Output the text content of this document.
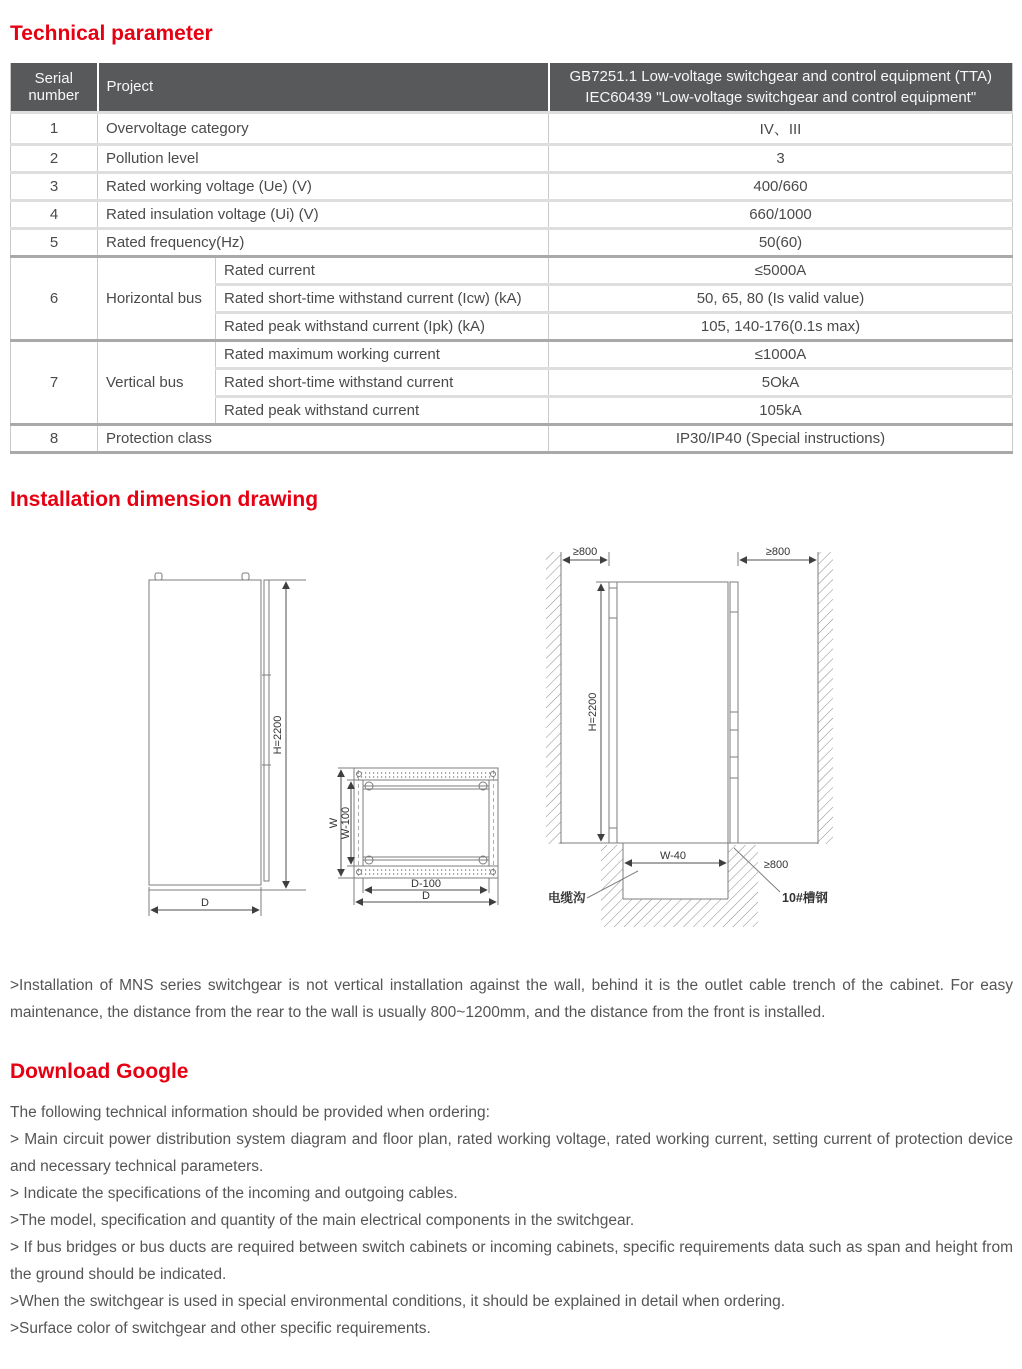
Technical parameter
Serial number	Project		GB7251.1 Low-voltage switchgear and control equipment (TTA)
IEC60439 "Low-voltage switchgear and control equipment"

1	Overvoltage category		IV、III
2	Pollution level		3
3	Rated working voltage (Ue) (V)		400/660
4	Rated insulation voltage (Ui) (V)		660/1000
5	Rated frequency(Hz)		50(60)
6	Horizontal bus	Rated current	≤5000A
		Rated short-time withstand current (Icw) (kA)	50, 65, 80 (Is valid value)
		Rated peak withstand current (Ipk) (kA)	105, 140-176(0.1s max)
7	Vertical bus	Rated maximum working current	≤1000A
		Rated short-time withstand current	5OkA
		Rated peak withstand current	105kA
8	Protection class		IP30/IP40 (Special instructions)
Installation dimension drawing
H=2200
D
W W-100
D-100
D
≥800	≥800
H=2200
W-40
≥800
电缆沟	10#槽钢

>Installation of MNS series switchgear is not vertical installation against the wall, behind it is the outlet cable trench of the cabinet. For easy maintenance, the distance from the rear to the wall is usually 800~1200mm, and the distance from the front is installed.

Download Google

The following technical information should be provided when ordering:

> Main circuit power distribution system diagram and floor plan, rated working voltage, rated working current, setting current of protection device and necessary technical parameters.

> Indicate the specifications of the incoming and outgoing cables.

>The model, specification and quantity of the main electrical components in the switchgear.

> If bus bridges or bus ducts are required between switch cabinets or incoming cabinets, specific requirements data such as span and height from the ground should be indicated.

>When the switchgear is used in special environmental conditions, it should be explained in detail when ordering.

>Surface color of switchgear and other specific requirements.
